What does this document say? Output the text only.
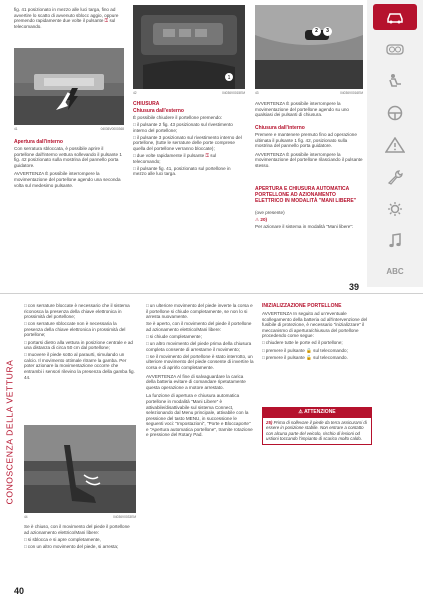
fig. 41 posizionato in mezzo alle luci targa, fino ad avvertire lo scatto di avvenuto sblocc aggio, oppure premendo rapidamente due volte il pulsante ⚿ sul telecomando.
41	04036V0000368
Apertura dall'interno

Con serratura sbloccata, è possibile aprire il portellone dall'interno vettura sollevando il pulsante 1 fig. 42 posizionato sulla mostrina del pannello porta guidatore.

AVVERTENZA È possibile interrompere la movimentazione del portellone agendo una seconda volta sul medesimo pulsante.

1
42	04036V0015EM
CHIUSURA
Chiusura dall'esterno

È possibile chiudere il portellone premendo:

□ il pulsante 2 fig. 43 posizionato sul rivestimento interno del portellone;

□ il pulsante 3 posizionato sul rivestimento interno del portellone, (tutte le serrature delle porte comprese quella del portellone verranno bloccate);

□ due volte rapidamente il pulsante ⚿ sul telecomando;

□ il pulsante fig. 41, posizionato sul portellone in mezzo alle luci targa.

2	3
43	04036V0016EM

AVVERTENZA È possibile interrompere la movimentazione del portellone agendo su uno qualsiasi dei pulsanti di chiusura.

Chiusura dall'interno

Premere e mantenere premuto fino ad operazione ultimata il pulsante 1 fig. 42, posizionato sulla mostrina del pannello porta guidatore.

AVVERTENZA È possibile interrompere la movimentazione del portellone rilasciando il pulsante stesso.

APERTURA E CHIUSURA AUTOMATICA PORTELLONE AD AZIONAMENTO ELETTRICO IN MODALITÀ "MANI LIBERE"

(ove presente)

⚠ 20)

Per azionare il sistema in modalità "Mani libere":

39
ABC
CONOSCENZA DELLA VETTURA

□ con serrature bloccate è necessario che il sistema riconosca la presenza della chiave elettronica in prossimità del portellone;

□ con serrature sbloccate non è necessaria la presenza della chiave elettronica in prossimità del portellone;

□ portarsi dietro alla vettura in posizione centrale e ad una distanza di circa 50 cm dal portellone;

□ muovere il piede sotto al paraurti, simulando un calcio. Il movimento ottimale ritrarre la gamba. Per poter azionare la movimentazione occorre che entrambi i sensori rilevino la presenza della gamba fig. 44.

44	04036V0033EM

Se è chiuso, con il movimento del piede il portellone ad azionamento elettrico/Mani libere:

□ si sblocca e si apre completamente,

□ con un altro movimento del piede, si arresta;

□ un ulteriore movimento del piede inverte la corsa e il portellone si chiude completamente, se non lo si arresta nuovamente.

Se è aperto, con il movimento del piede il portellone ad azionamento elettrico/Mani libere:

□ si chiude completamente;

□ un altro movimento del piede prima della chiusura completa consente di arrestarne il movimento;

□ se il movimento del portellone è stato interrotto, un ulteriore movimento del piede consente di invertire la corsa e di aprirlo completamente.

AVVERTENZA Al fine di salvaguardare la carica della batteria evitare di comandare ripetutamente questa operazione a motore arrestato.

La funzione di apertura e chiusura automatica portellone in modalità "Mani Libere" è attivabile/disattivabile sul sistema Connect, selezionando dal Menu principale, attivabile con la pressione del tasto MENU, in successione le seguenti voci: "Impostazioni", "Porte e Bloccaporte" e "Apertura automatica portellone", tramite rotazione e pressione del Rotary Pad.

INIZIALIZZAZIONE PORTELLONE

AVVERTENZA In seguito ad un'eventuale scollegamento della batteria od all'intervenzione del fusibile di protezione, è necessario "inizializzare" il meccanismo di apertura/chiusura del portellone procedendo come segue:

□ chiudere tutte le porte ed il portellone;

□ premere il pulsante 🔒 sul telecomando;

□ premere il pulsante 🔓 sul telecomando.

⚠ ATTENZIONE
25) Prima di sollevare il piede da terra assicurarsi di essere in posizione stabile. Non entrare a contatto con alcuna parte del veicolo, rischio di lesioni od ustioni toccando l'impianto di scarico molto caldo.
40
